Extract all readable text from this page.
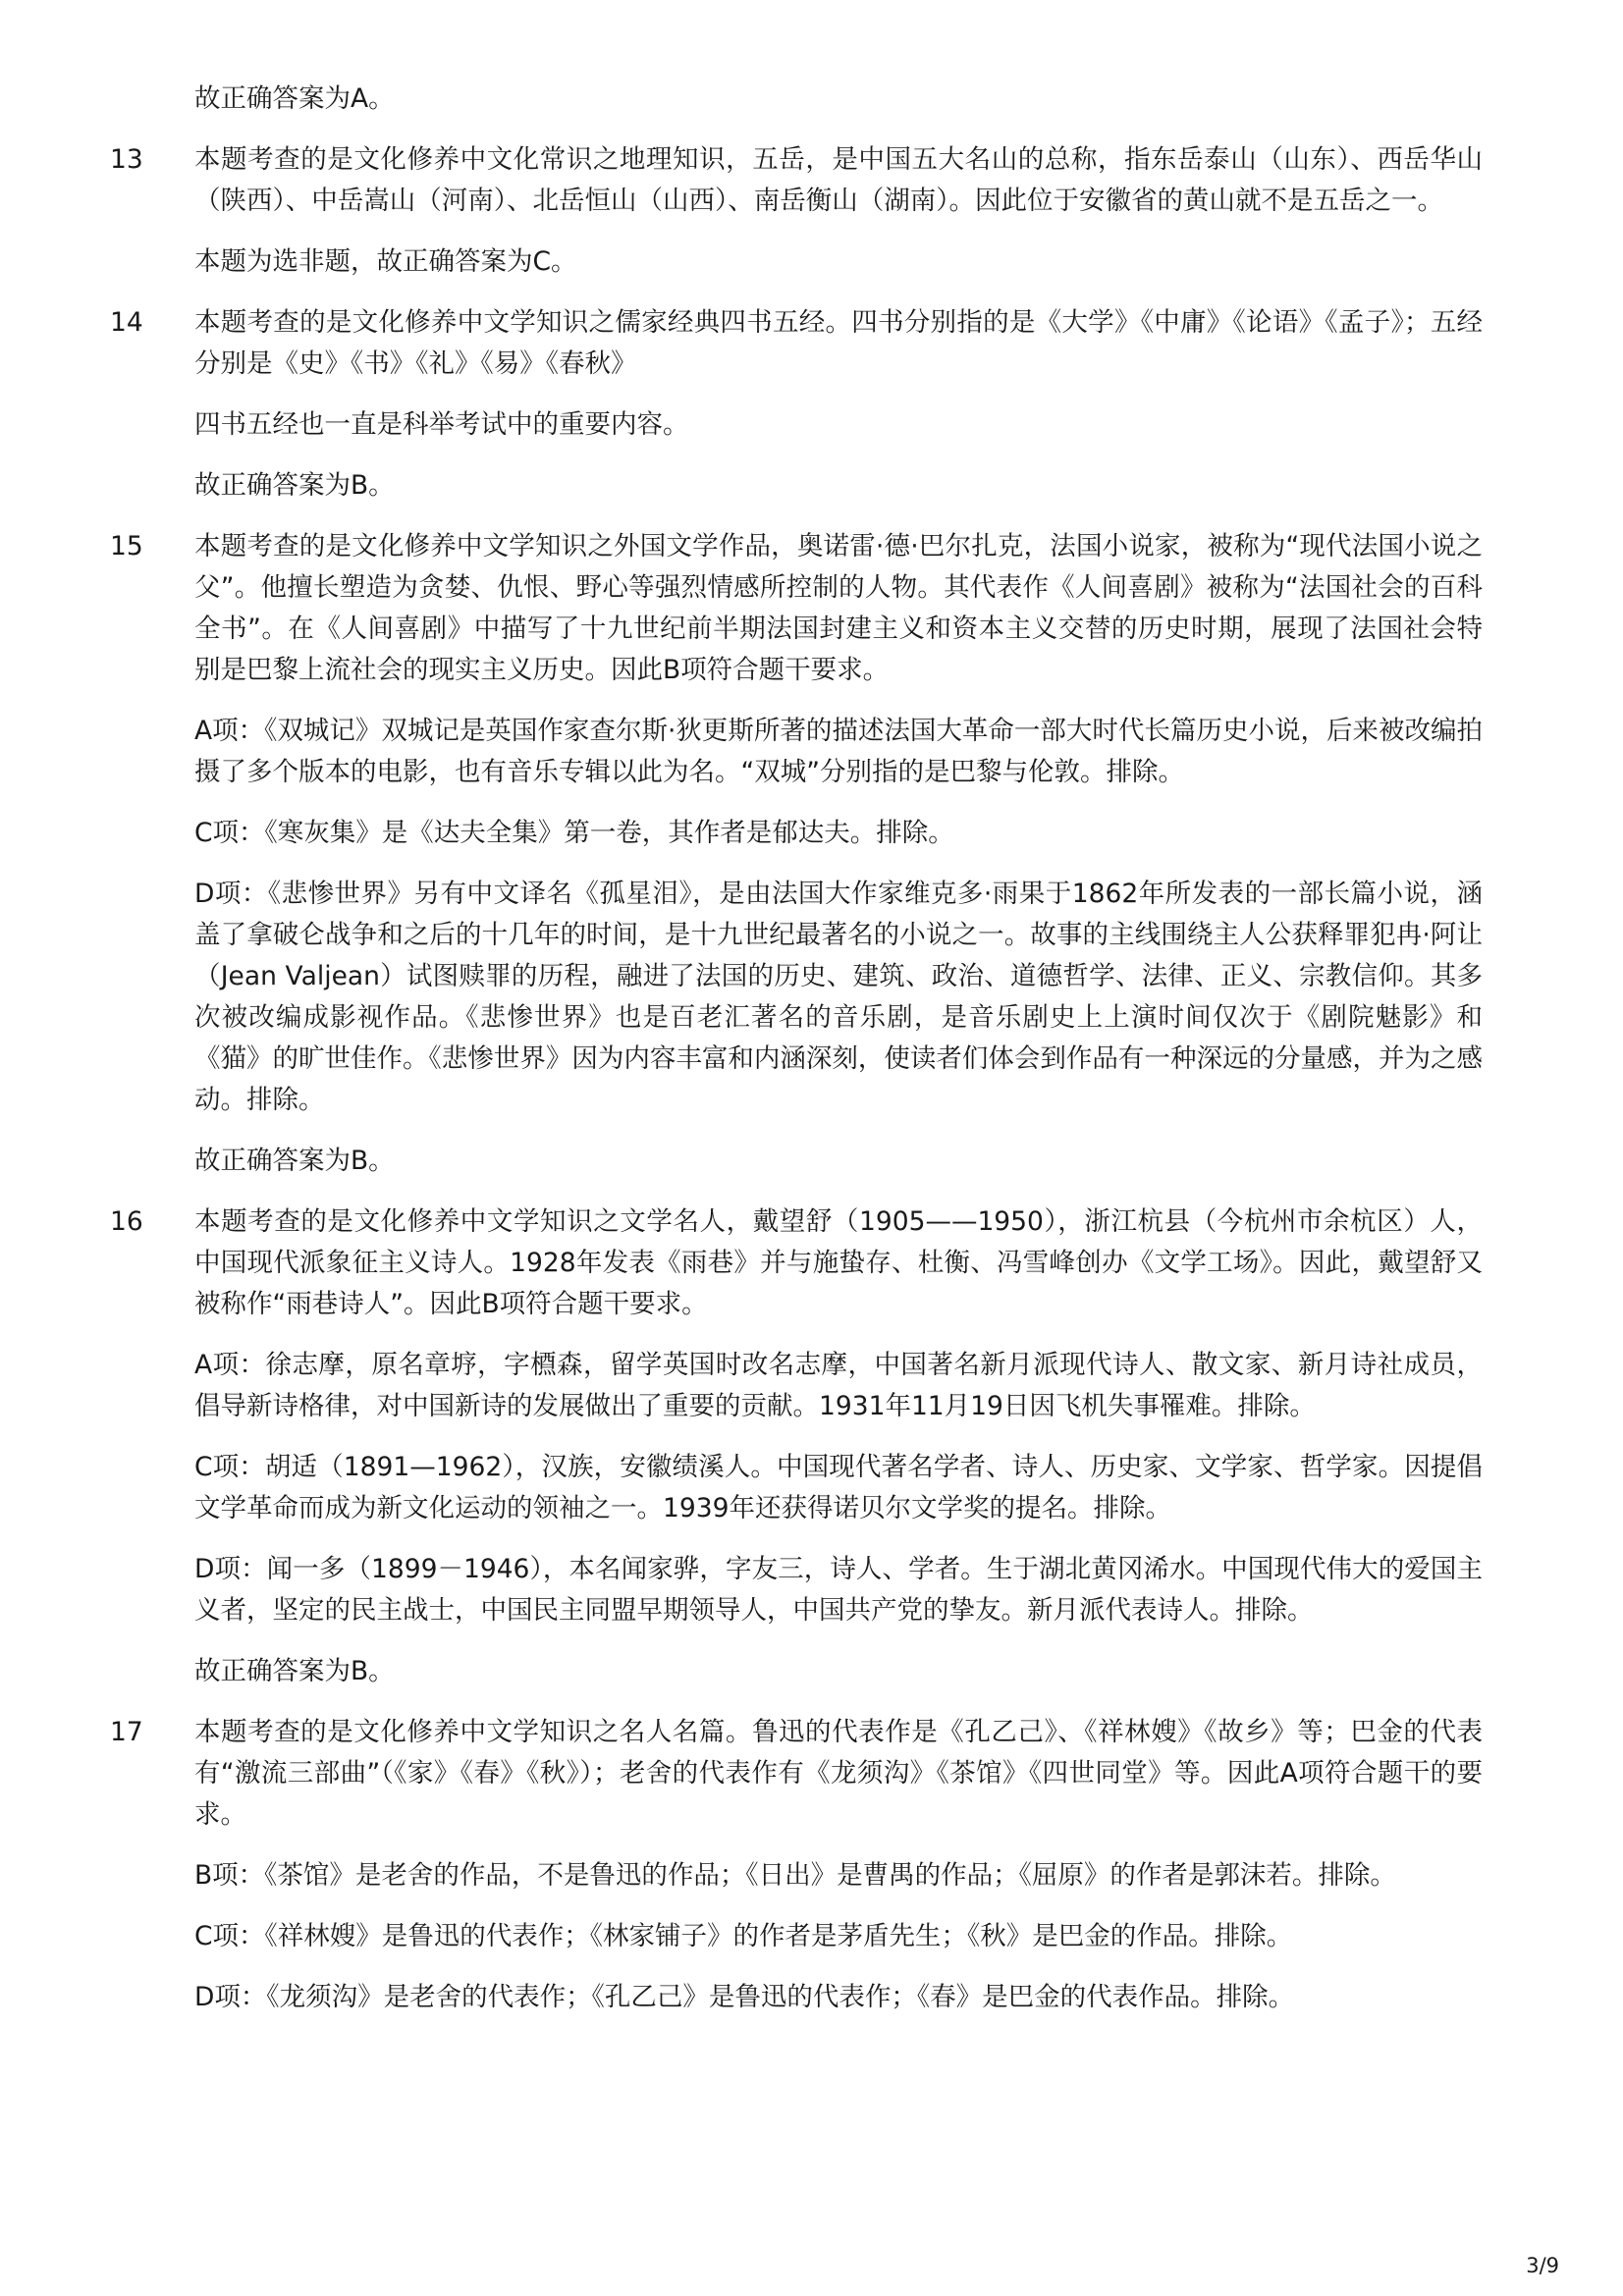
故正确答案为A。

13	本题考查的是文化修养中文化常识之地理知识，五岳，是中国五大名山的总称，指东岳泰山（山东）、西岳华山（陕西）、中岳嵩山（河南）、北岳恒山（山西）、南岳衡山（湖南）。因此位于安徽省的黄山就不是五岳之一。

本题为选非题，故正确答案为C。

14	本题考查的是文化修养中文学知识之儒家经典四书五经。四书分别指的是《大学》《中庸》《论语》《孟子》；五经分别是《史》《书》《礼》《易》《春秋》

四书五经也一直是科举考试中的重要内容。

故正确答案为B。

15	本题考查的是文化修养中文学知识之外国文学作品，奥诺雷·德·巴尔扎克，法国小说家，被称为“现代法国小说之父”。他擅长塑造为贪婪、仇恨、野心等强烈情感所控制的人物。其代表作《人间喜剧》被称为“法国社会的百科全书”。在《人间喜剧》中描写了十九世纪前半期法国封建主义和资本主义交替的历史时期，展现了法国社会特别是巴黎上流社会的现实主义历史。因此B项符合题干要求。

A项：《双城记》双城记是英国作家查尔斯·狄更斯所著的描述法国大革命一部大时代长篇历史小说，后来被改编拍摄了多个版本的电影，也有音乐专辑以此为名。“双城”分别指的是巴黎与伦敦。排除。

C项：《寒灰集》是《达夫全集》第一卷，其作者是郁达夫。排除。

D项：《悲惨世界》另有中文译名《孤星泪》，是由法国大作家维克多·雨果于1862年所发表的一部长篇小说，涵盖了拿破仑战争和之后的十几年的时间，是十九世纪最著名的小说之一。故事的主线围绕主人公获释罪犯冉·阿让（Jean Valjean）试图赎罪的历程，融进了法国的历史、建筑、政治、道德哲学、法律、正义、宗教信仰。其多次被改编成影视作品。《悲惨世界》也是百老汇著名的音乐剧，是音乐剧史上上演时间仅次于《剧院魅影》和《猫》的旷世佳作。《悲惨世界》因为内容丰富和内涵深刻，使读者们体会到作品有一种深远的分量感，并为之感动。排除。

故正确答案为B。

16	本题考查的是文化修养中文学知识之文学名人，戴望舒（1905——1950），浙江杭县（今杭州市余杭区）人，中国现代派象征主义诗人。1928年发表《雨巷》并与施蛰存、杜衡、冯雪峰创办《文学工场》。因此，戴望舒又被称作“雨巷诗人”。因此B项符合题干要求。

A项：徐志摩，原名章垿，字槱森，留学英国时改名志摩，中国著名新月派现代诗人、散文家、新月诗社成员，倡导新诗格律，对中国新诗的发展做出了重要的贡献。1931年11月19日因飞机失事罹难。排除。

C项：胡适（1891—1962），汉族，安徽绩溪人。中国现代著名学者、诗人、历史家、文学家、哲学家。因提倡文学革命而成为新文化运动的领袖之一。1939年还获得诺贝尔文学奖的提名。排除。

D项：闻一多（1899－1946），本名闻家骅，字友三，诗人、学者。生于湖北黄冈浠水。中国现代伟大的爱国主义者，坚定的民主战士，中国民主同盟早期领导人，中国共产党的挚友。新月派代表诗人。排除。

故正确答案为B。

17	本题考查的是文化修养中文学知识之名人名篇。鲁迅的代表作是《孔乙己》、《祥林嫂》《故乡》等；巴金的代表有“激流三部曲”（《家》《春》《秋》）；老舍的代表作有《龙须沟》《茶馆》《四世同堂》等。因此A项符合题干的要求。

B项：《茶馆》是老舍的作品，不是鲁迅的作品；《日出》是曹禺的作品；《屈原》的作者是郭沫若。排除。

C项：《祥林嫂》是鲁迅的代表作；《林家铺子》的作者是茅盾先生；《秋》是巴金的作品。排除。

D项：《龙须沟》是老舍的代表作；《孔乙己》是鲁迅的代表作；《春》是巴金的代表作品。排除。

3/9
